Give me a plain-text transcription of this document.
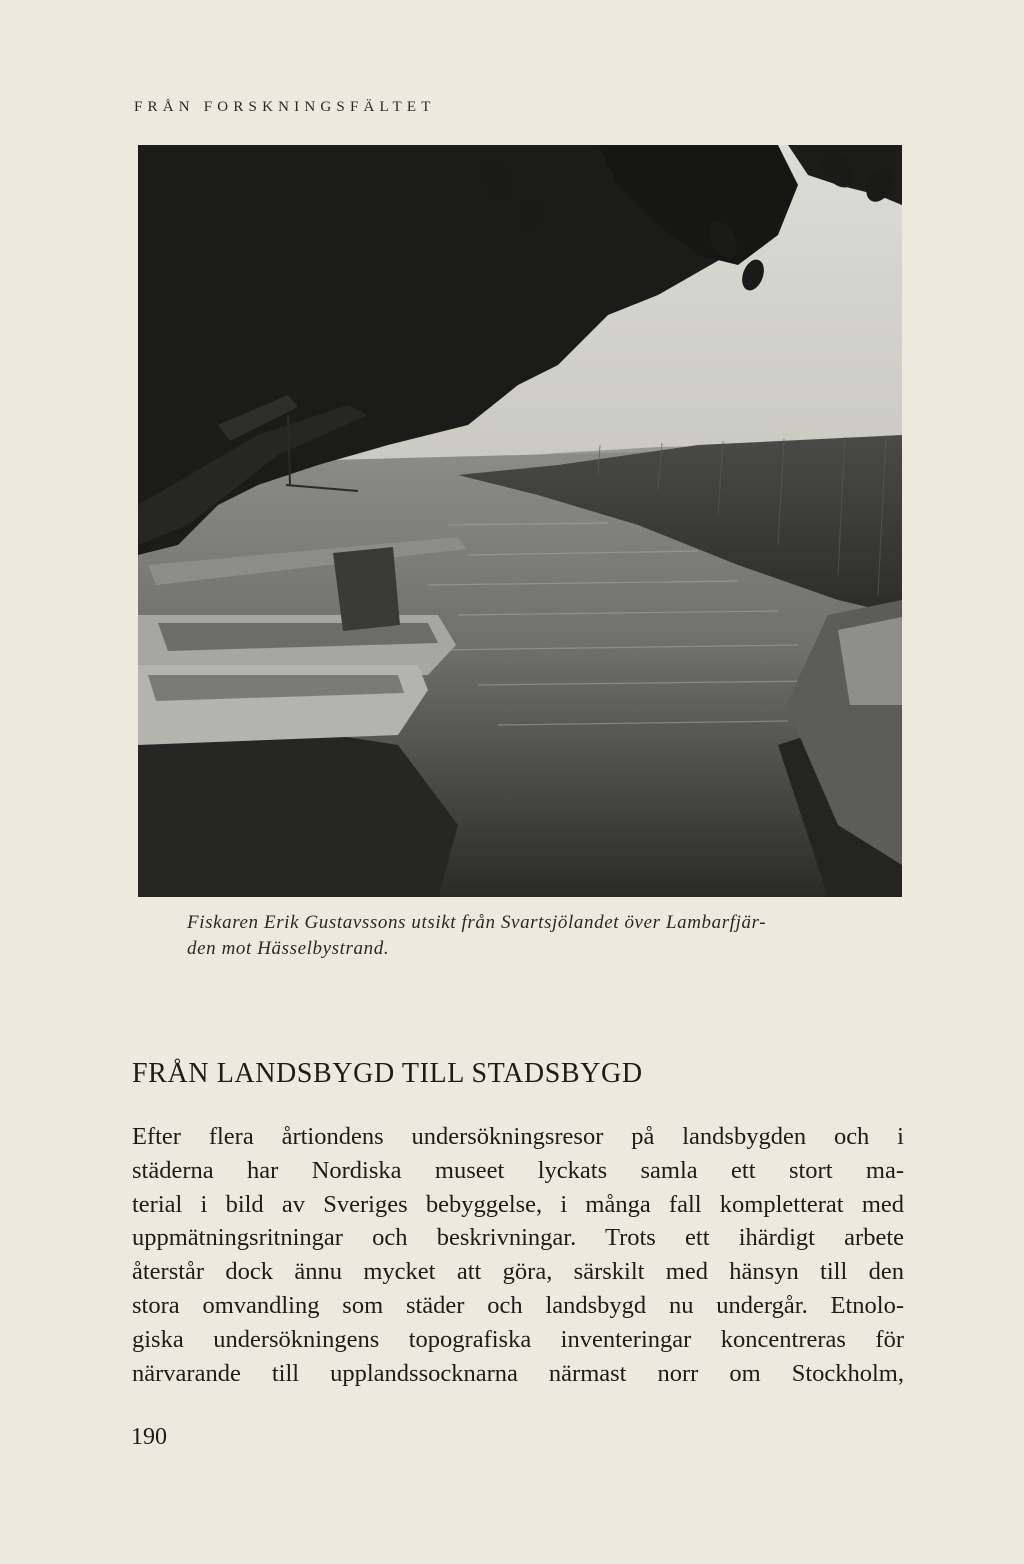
FRÅN FORSKNINGSFÄLTET
Fiskaren Erik Gustavssons utsikt från Svartsjölandet över Lambarfjär-
den mot Hässelbystrand.
FRÅN LANDSBYGD TILL STADSBYGD
Efter flera årtiondens undersökningsresor på landsbygden och i
städerna har Nordiska museet lyckats samla ett stort ma-
terial i bild av Sveriges bebyggelse, i många fall kompletterat med
uppmätningsritningar och beskrivningar. Trots ett ihärdigt arbete
återstår dock ännu mycket att göra, särskilt med hänsyn till den
stora omvandling som städer och landsbygd nu undergår. Etnolo-
giska undersökningens topografiska inventeringar koncentreras för
närvarande till upplandssocknarna närmast norr om Stockholm,
190
